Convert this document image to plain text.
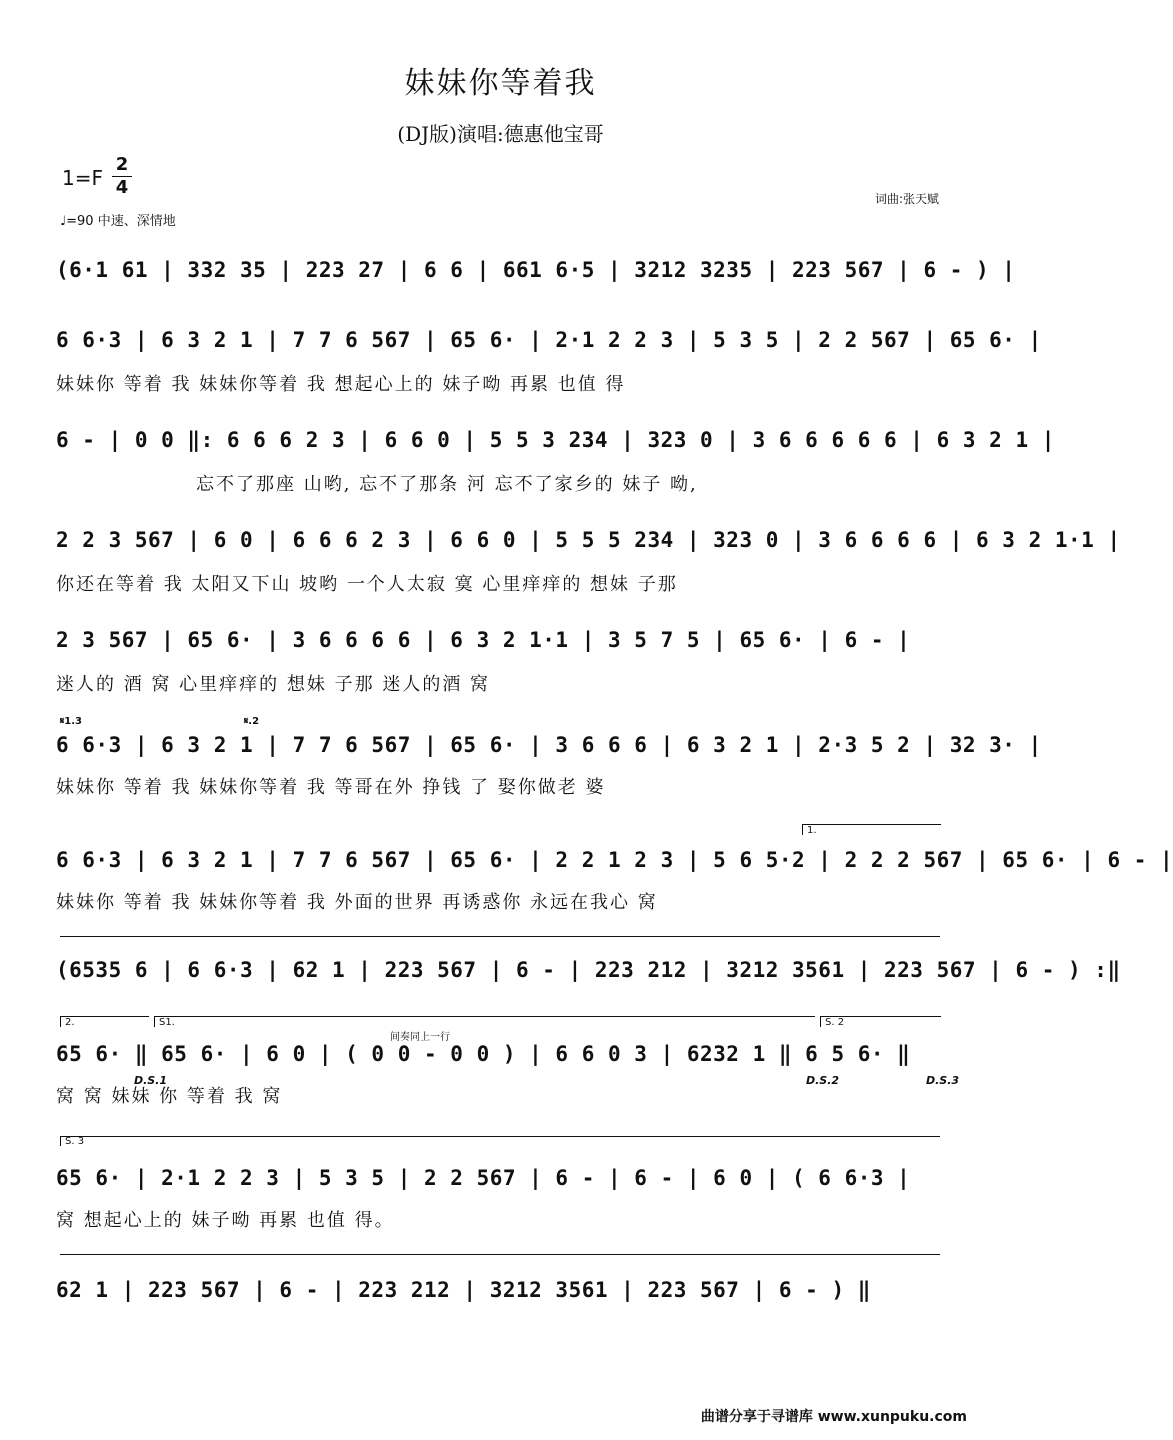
妹妹你等着我
(DJ版)演唱:德惠他宝哥
1=F
2
4
♩=90 中速、深情地
词曲:张天赋
(6·1 61 | 332 35 | 223 27 | 6 6 | 661 6·5 | 3212 3235 | 223 567 | 6 - ) |
6 6·3 | 6 3 2 1 | 7 7 6 567 | 65 6· | 2·1 2 2 3 | 5 3 5 | 2 2 567 | 65 6· |
妹妹你 等着 我 妹妹你等着 我 想起心上的 妹子呦 再累 也值 得
6 - | 0 0 ‖: 6 6 6 2 3 | 6 6 0 | 5 5 3 234 | 323 0 | 3 6 6 6 6 6 | 6 3 2 1 |
忘不了那座 山哟, 忘不了那条 河 忘不了家乡的 妹子 呦,
2 2 3 567 | 6 0 | 6 6 6 2 3 | 6 6 0 | 5 5 5 234 | 323 0 | 3 6 6 6 6 | 6 3 2 1·1 |
你还在等着 我 太阳又下山 坡哟 一个人太寂 寞 心里痒痒的 想妹 子那
2 3 567 | 65 6· | 3 6 6 6 6 | 6 3 2 1·1 | 3 5 7 5 | 65 6· | 6 - |
迷人的 酒 窝 心里痒痒的 想妹 子那 迷人的酒 窝
𝄋1.3	𝄋.2
6 6·3 | 6 3 2 1 | 7 7 6 567 | 65 6· | 3 6 6 6 | 6 3 2 1 | 2·3 5 2 | 32 3· |
妹妹你 等着 我 妹妹你等着 我 等哥在外 挣钱 了 娶你做老 婆
1.
6 6·3 | 6 3 2 1 | 7 7 6 567 | 65 6· | 2 2 1 2 3 | 5 6 5·2 | 2 2 2 567 | 65 6· | 6 - |
妹妹你 等着 我 妹妹你等着 我 外面的世界 再诱惑你 永远在我心 窝
(6535 6 | 6 6·3 | 62 1 | 223 567 | 6 - | 223 212 | 3212 3561 | 223 567 | 6 - ) :‖
2.	S1.	S. 2
间奏同上一行
65 6· ‖ 65 6· | 6 0 | ( 0 0 - 0 0 ) | 6 6 0 3 | 6232 1 ‖ 6 5 6· ‖
窝 窝 妹妹 你 等着 我 窝
D.S.1	D.S.2	D.S.3
S. 3
65 6· | 2·1 2 2 3 | 5 3 5 | 2 2 567 | 6 - | 6 - | 6 0 | ( 6 6·3 |
窝 想起心上的 妹子呦 再累 也值 得。
62 1 | 223 567 | 6 - | 223 212 | 3212 3561 | 223 567 | 6 - ) ‖
曲谱分享于寻谱库 www.xunpuku.com
